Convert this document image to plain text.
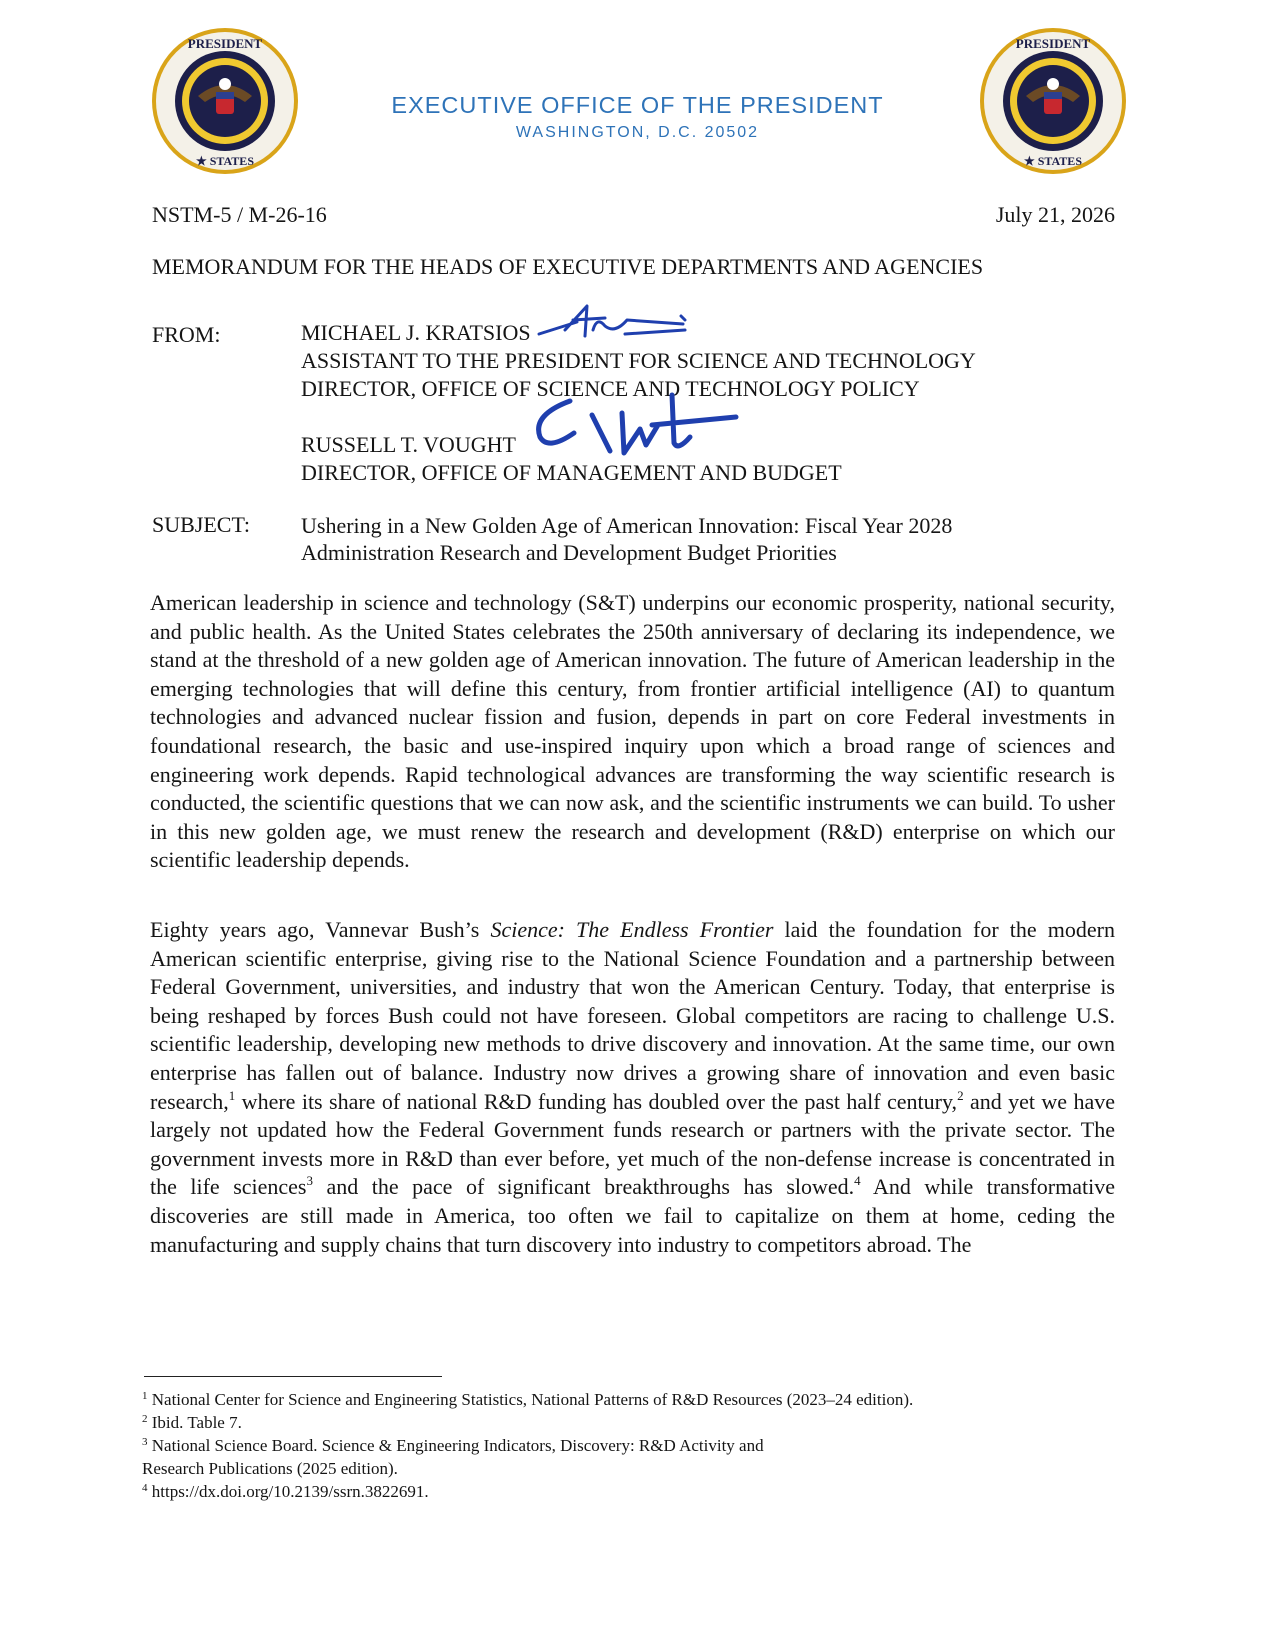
PRESIDENT
★ STATES
PRESIDENT
★ STATES
EXECUTIVE OFFICE OF THE PRESIDENT
WASHINGTON, D.C. 20502
NSTM-5 / M-26-16	July 21, 2026
MEMORANDUM FOR THE HEADS OF EXECUTIVE DEPARTMENTS AND AGENCIES
FROM:	MICHAEL J. KRATSIOS
ASSISTANT TO THE PRESIDENT FOR SCIENCE AND TECHNOLOGY
DIRECTOR, OFFICE OF SCIENCE AND TECHNOLOGY POLICY
RUSSELL T. VOUGHT
DIRECTOR, OFFICE OF MANAGEMENT AND BUDGET
SUBJECT: Ushering in a New Golden Age of American Innovation: Fiscal Year 2028
Administration Research and Development Budget Priorities

American leadership in science and technology (S&T) underpins our economic prosperity, national security, and public health. As the United States celebrates the 250th anniversary of declaring its independence, we stand at the threshold of a new golden age of American innovation. The future of American leadership in the emerging technologies that will define this century, from frontier artificial intelligence (AI) to quantum technologies and advanced nuclear fission and fusion, depends in part on core Federal investments in foundational research, the basic and use-inspired inquiry upon which a broad range of sciences and engineering work depends. Rapid technological advances are transforming the way scientific research is conducted, the scientific questions that we can now ask, and the scientific instruments we can build. To usher in this new golden age, we must renew the research and development (R&D) enterprise on which our scientific leadership depends.

Eighty years ago, Vannevar Bush’s Science: The Endless Frontier laid the foundation for the modern American scientific enterprise, giving rise to the National Science Foundation and a partnership between Federal Government, universities, and industry that won the American Century. Today, that enterprise is being reshaped by forces Bush could not have foreseen. Global competitors are racing to challenge U.S. scientific leadership, developing new methods to drive discovery and innovation. At the same time, our own enterprise has fallen out of balance. Industry now drives a growing share of innovation and even basic research,$^1$ where its share of national R&D funding has doubled over the past half century,$^2$ and yet we have largely not updated how the Federal Government funds research or partners with the private sector. The government invests more in R&D than ever before, yet much of the non-defense increase is concentrated in the life sciences$^3$ and the pace of significant breakthroughs has slowed.$^4$ And while transformative discoveries are still made in America, too often we fail to capitalize on them at home, ceding the manufacturing and supply chains that turn discovery into industry to competitors abroad. The

$^1$ National Center for Science and Engineering Statistics, National Patterns of R&D Resources (2023–24 edition).
$^2$ Ibid. Table 7.
$^3$ National Science Board. Science & Engineering Indicators, Discovery: R&D Activity and
Research Publications (2025 edition).
$^4$ https://dx.doi.org/10.2139/ssrn.3822691.
